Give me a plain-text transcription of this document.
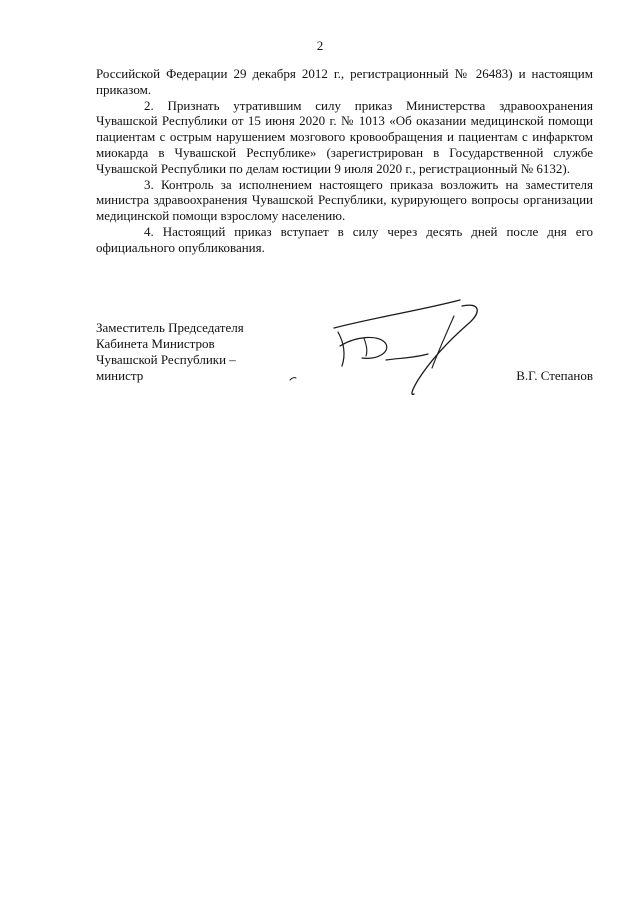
2

Российской Федерации 29 декабря 2012 г., регистрационный № 26483) и настоящим приказом.

2. Признать утратившим силу приказ Министерства здравоохранения Чувашской Республики от 15 июня 2020 г. № 1013 «Об оказании медицинской помощи пациентам с острым нарушением мозгового кровообращения и пациентам с инфарктом миокарда в Чувашской Республике» (зарегистрирован в Государственной службе Чувашской Республики по делам юстиции 9 июля 2020 г., регистрационный № 6132).

3. Контроль за исполнением настоящего приказа возложить на заместителя министра здравоохранения Чувашской Республики, курирующего вопросы организации медицинской помощи взрослому населению.

4. Настоящий приказ вступает в силу через десять дней после дня его официального опубликования.

Заместитель Председателя
Кабинета Министров
Чувашской Республики –
министр	В.Г. Степанов
